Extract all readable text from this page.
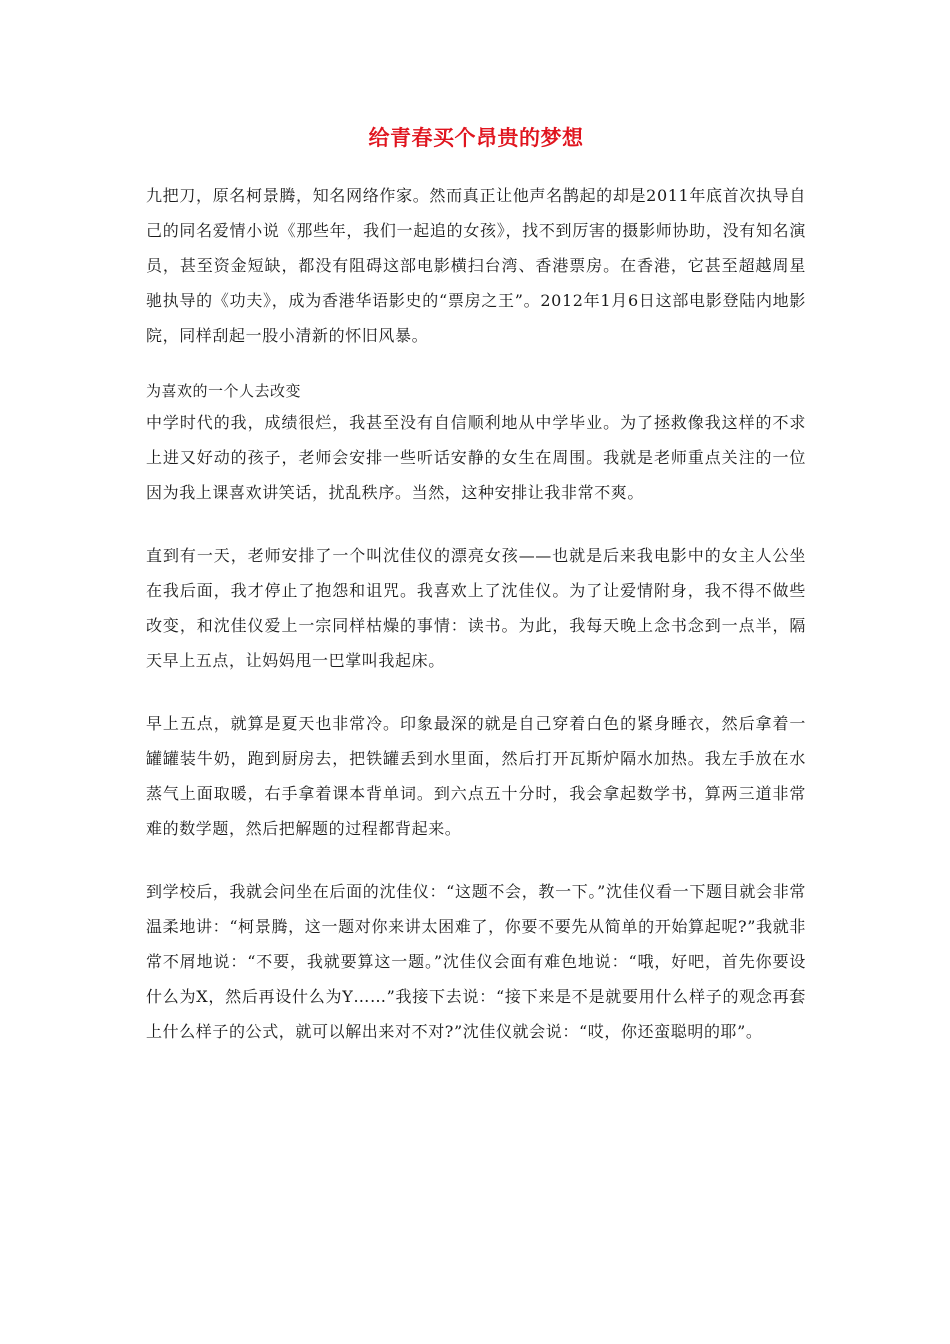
给青春买个昂贵的梦想

九把刀，原名柯景腾，知名网络作家。然而真正让他声名鹊起的却是2011年底首次执导自己的同名爱情小说《那些年，我们一起追的女孩》，找不到厉害的摄影师协助，没有知名演员，甚至资金短缺，都没有阻碍这部电影横扫台湾、香港票房。在香港，它甚至超越周星驰执导的《功夫》，成为香港华语影史的“票房之王”。2012年1月6日这部电影登陆内地影院，同样刮起一股小清新的怀旧风暴。

为喜欢的一个人去改变

中学时代的我，成绩很烂，我甚至没有自信顺利地从中学毕业。为了拯救像我这样的不求上进又好动的孩子，老师会安排一些听话安静的女生在周围。我就是老师重点关注的一位因为我上课喜欢讲笑话，扰乱秩序。当然，这种安排让我非常不爽。

直到有一天，老师安排了一个叫沈佳仪的漂亮女孩——也就是后来我电影中的女主人公坐在我后面，我才停止了抱怨和诅咒。我喜欢上了沈佳仪。为了让爱情附身，我不得不做些改变，和沈佳仪爱上一宗同样枯燥的事情：读书。为此，我每天晚上念书念到一点半，隔天早上五点，让妈妈甩一巴掌叫我起床。

早上五点，就算是夏天也非常冷。印象最深的就是自己穿着白色的紧身睡衣，然后拿着一罐罐装牛奶，跑到厨房去，把铁罐丢到水里面，然后打开瓦斯炉隔水加热。我左手放在水蒸气上面取暖，右手拿着课本背单词。到六点五十分时，我会拿起数学书，算两三道非常难的数学题，然后把解题的过程都背起来。

到学校后，我就会问坐在后面的沈佳仪：“这题不会，教一下。”沈佳仪看一下题目就会非常温柔地讲：“柯景腾，这一题对你来讲太困难了，你要不要先从简单的开始算起呢?”我就非常不屑地说：“不要，我就要算这一题。”沈佳仪会面有难色地说：“哦，好吧，首先你要设什么为X，然后再设什么为Y……”我接下去说：“接下来是不是就要用什么样子的观念再套上什么样子的公式，就可以解出来对不对?”沈佳仪就会说：“哎，你还蛮聪明的耶”。
